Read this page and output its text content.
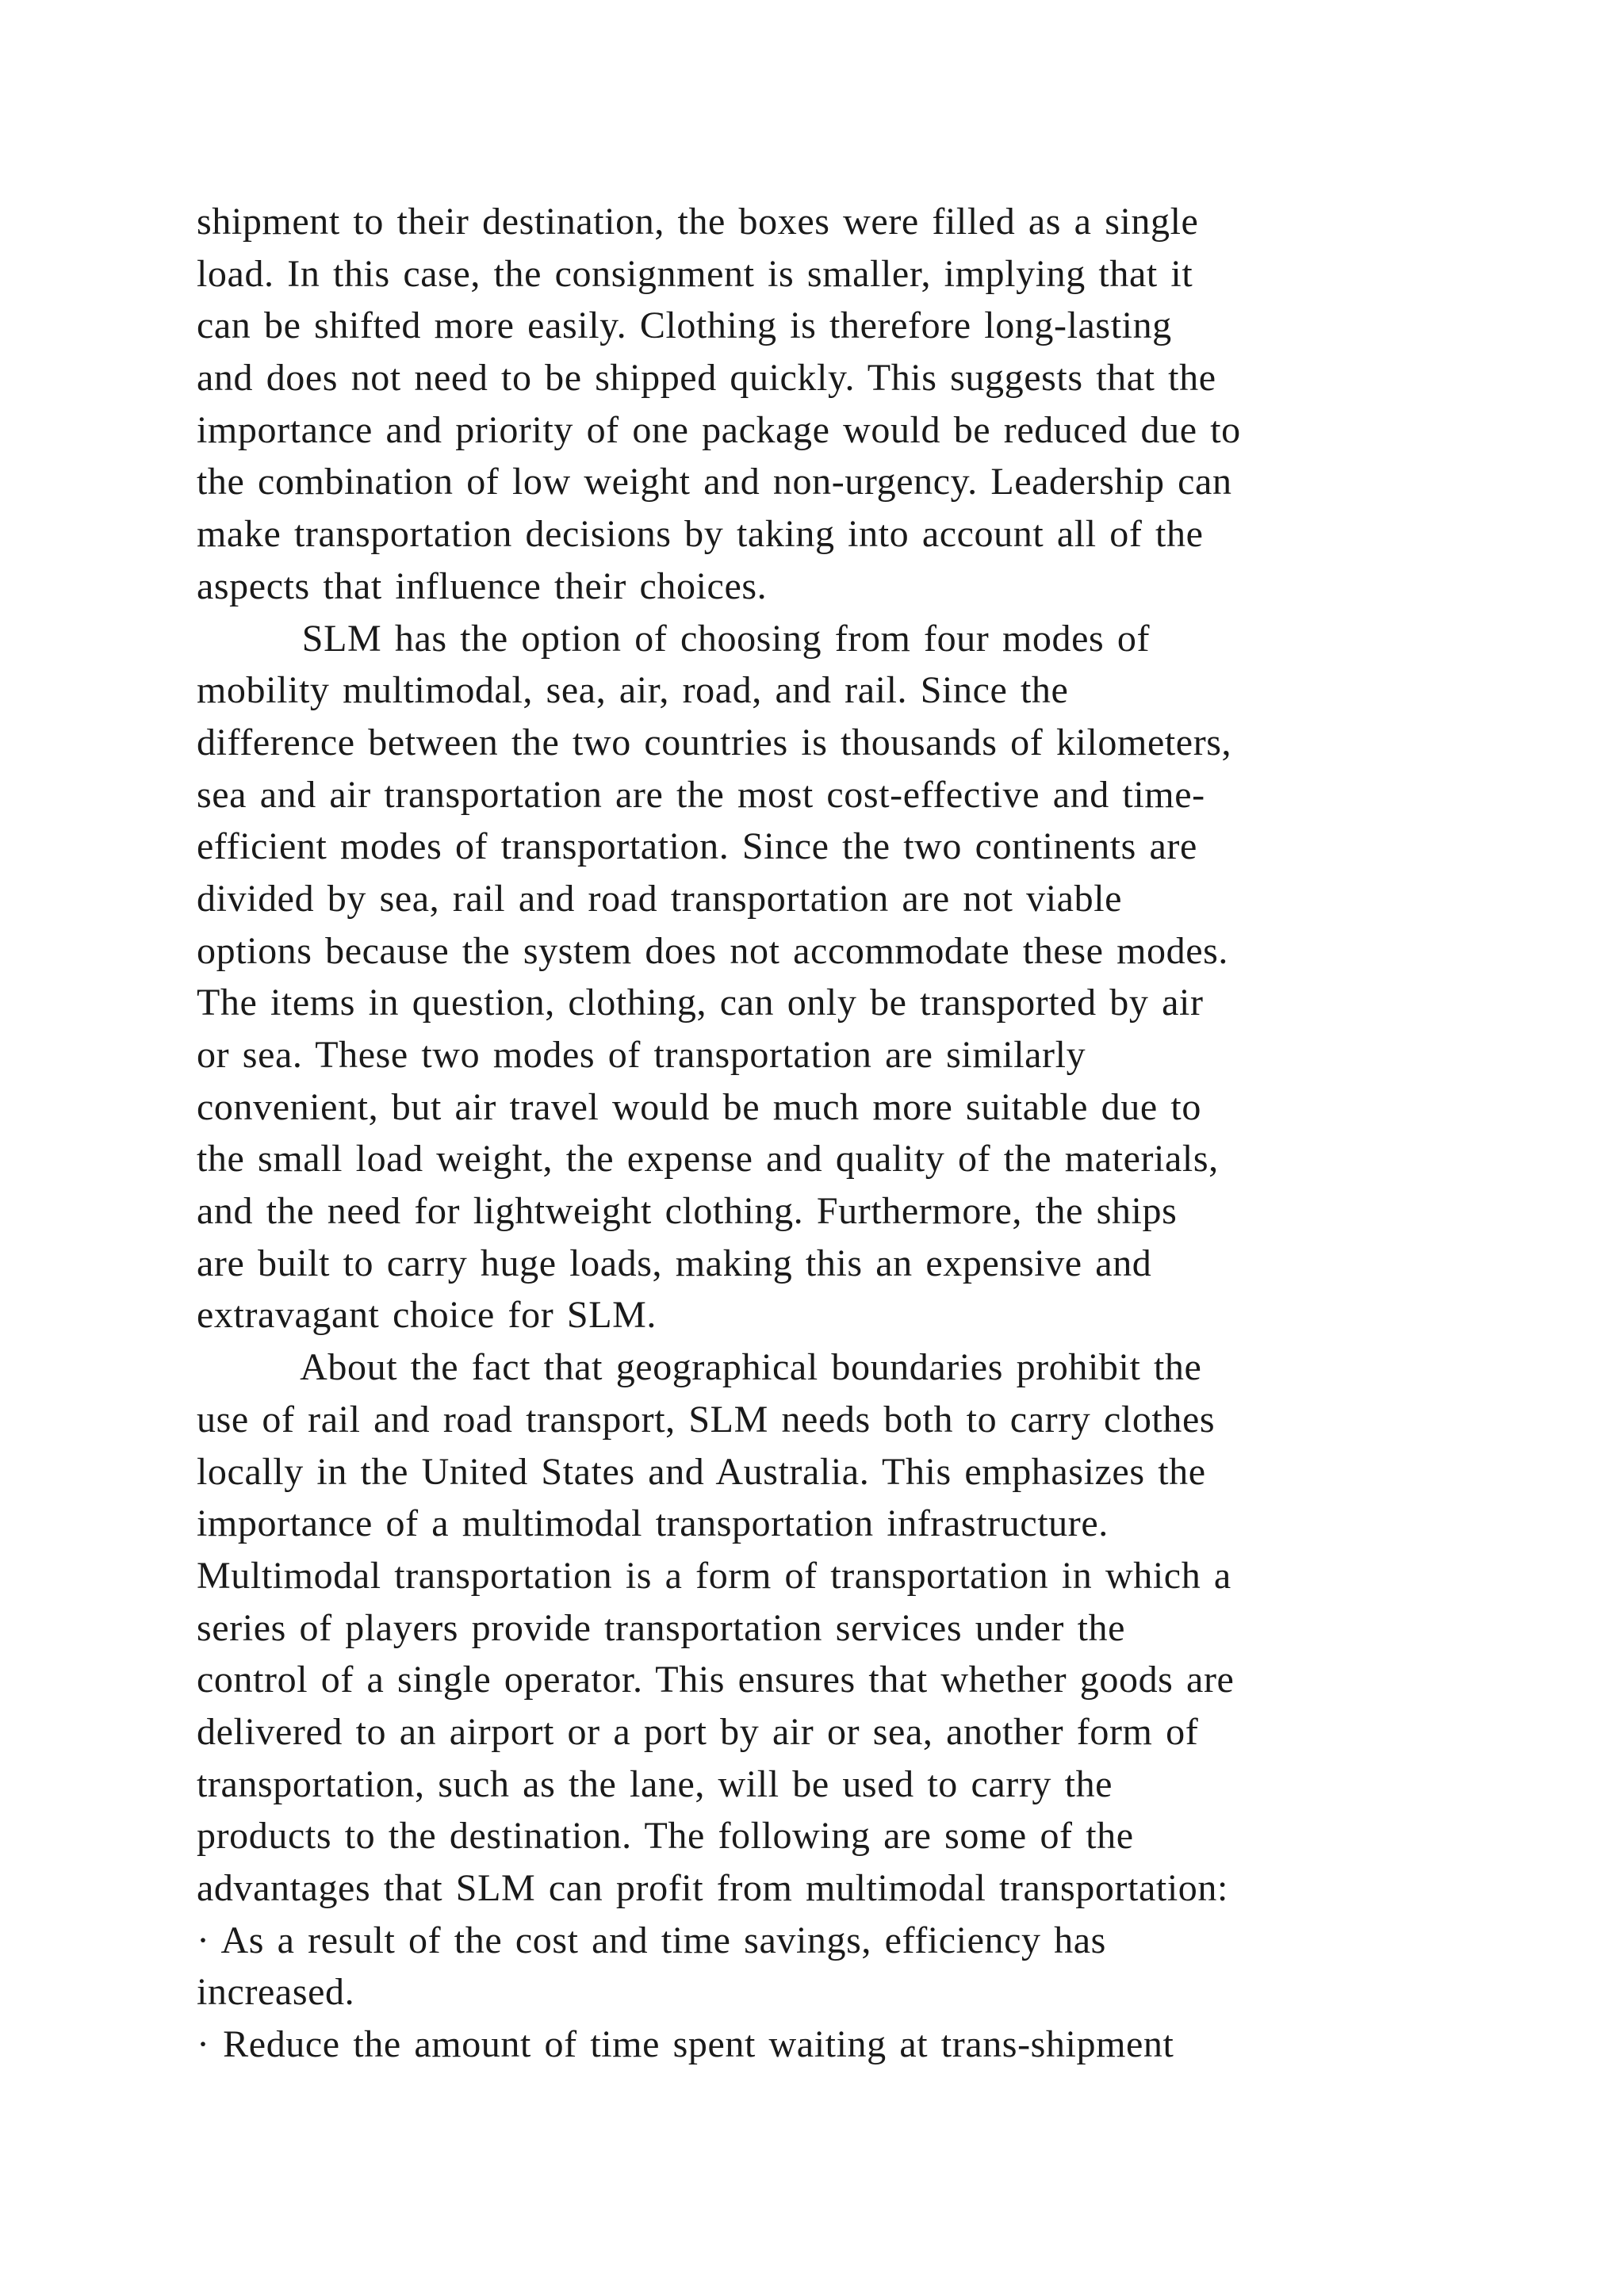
shipment to their destination, the boxes were filled as a single
load. In this case, the consignment is smaller, implying that it
can be shifted more easily. Clothing is therefore long-lasting
and does not need to be shipped quickly. This suggests that the
importance and priority of one package would be reduced due to
the combination of low weight and non-urgency. Leadership can
make transportation decisions by taking into account all of the
aspects that influence their choices.
SLM has the option of choosing from four modes of
mobility multimodal, sea, air, road, and rail. Since the
difference between the two countries is thousands of kilometers,
sea and air transportation are the most cost-effective and time-
efficient modes of transportation. Since the two continents are
divided by sea, rail and road transportation are not viable
options because the system does not accommodate these modes.
The items in question, clothing, can only be transported by air
or sea. These two modes of transportation are similarly
convenient, but air travel would be much more suitable due to
the small load weight, the expense and quality of the materials,
and the need for lightweight clothing. Furthermore, the ships
are built to carry huge loads, making this an expensive and
extravagant choice for SLM.
About the fact that geographical boundaries prohibit the
use of rail and road transport, SLM needs both to carry clothes
locally in the United States and Australia. This emphasizes the
importance of a multimodal transportation infrastructure.
Multimodal transportation is a form of transportation in which a
series of players provide transportation services under the
control of a single operator. This ensures that whether goods are
delivered to an airport or a port by air or sea, another form of
transportation, such as the lane, will be used to carry the
products to the destination. The following are some of the
advantages that SLM can profit from multimodal transportation:
· As a result of the cost and time savings, efficiency has
increased.
· Reduce the amount of time spent waiting at trans-shipment
